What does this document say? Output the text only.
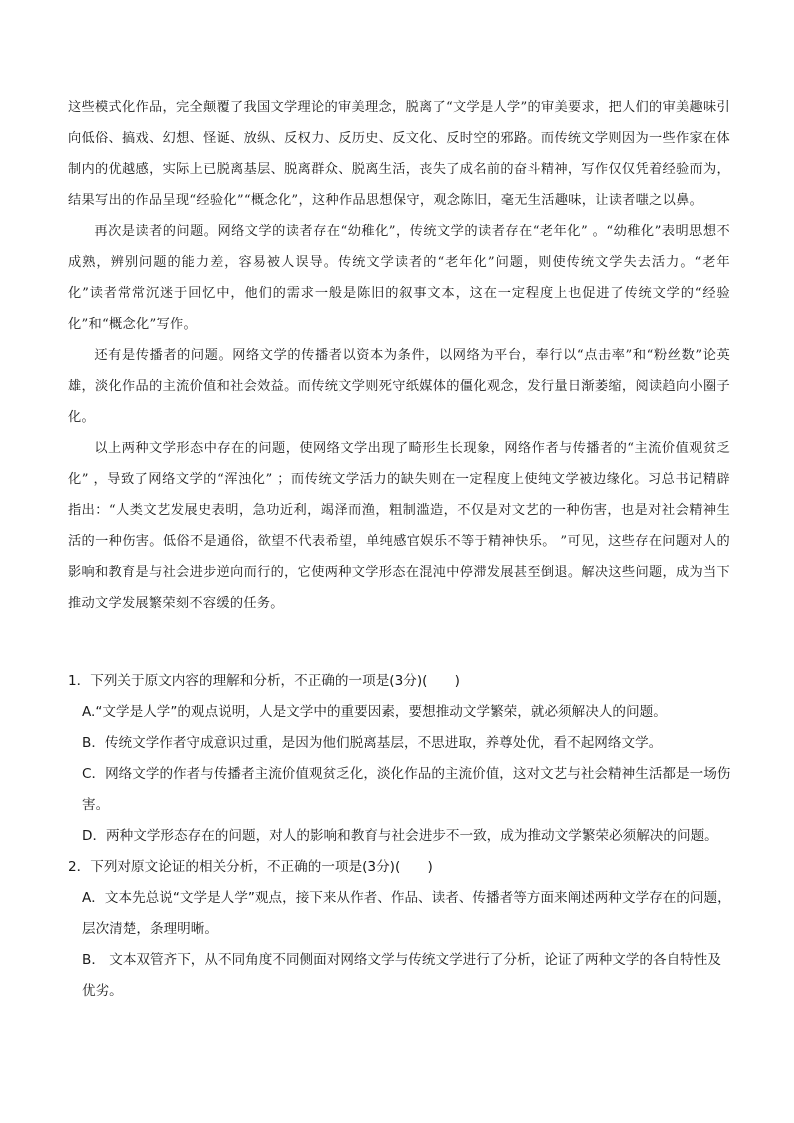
这些模式化作品，完全颠覆了我国文学理论的审美理念，脱离了“文学是人学”的审美要求，把人们的审美趣味引向低俗、搞戏、幻想、怪诞、放纵、反权力、反历史、反文化、反时空的邪路。而传统文学则因为一些作家在体制内的优越感，实际上已脱离基层、脱离群众、脱离生活，丧失了成名前的奋斗精神，写作仅仅凭着经验而为，结果写出的作品呈现“经验化”“概念化”，这种作品思想保守，观念陈旧，毫无生活趣味，让读者嗤之以鼻。

再次是读者的问题。网络文学的读者存在“幼稚化”，传统文学的读者存在“老年化” 。“幼稚化”表明思想不成熟，辨别问题的能力差，容易被人误导。传统文学读者的“老年化”问题，则使传统文学失去活力。“老年化”读者常常沉迷于回忆中，他们的需求一般是陈旧的叙事文本，这在一定程度上也促进了传统文学的“经验化”和“概念化”写作。

还有是传播者的问题。网络文学的传播者以资本为条件，以网络为平台，奉行以“点击率”和“粉丝数”论英雄，淡化作品的主流价值和社会效益。而传统文学则死守纸媒体的僵化观念，发行量日渐萎缩，阅读趋向小圈子化。

以上两种文学形态中存在的问题，使网络文学出现了畸形生长现象，网络作者与传播者的“主流价值观贫乏化” ，导致了网络文学的“浑浊化” ；而传统文学活力的缺失则在一定程度上使纯文学被边缘化。习总书记精辟指出：“人类文艺发展史表明，急功近利，竭泽而渔，粗制滥造，不仅是对文艺的一种伤害，也是对社会精神生活的一种伤害。低俗不是通俗，欲望不代表希望，单纯感官娱乐不等于精神快乐。 ”可见，这些存在问题对人的影响和教育是与社会进步逆向而行的，它使两种文学形态在混沌中停滞发展甚至倒退。解决这些问题，成为当下推动文学发展繁荣刻不容缓的任务。

1．下列关于原文内容的理解和分析，不正确的一项是(3分)(　　)

A.“文学是人学”的观点说明，人是文学中的重要因素，要想推动文学繁荣，就必须解决人的问题。

B．传统文学作者守成意识过重，是因为他们脱离基层，不思进取，养尊处优，看不起网络文学。

C．网络文学的作者与传播者主流价值观贫乏化，淡化作品的主流价值，这对文艺与社会精神生活都是一场伤害。

D．两种文学形态存在的问题，对人的影响和教育与社会进步不一致，成为推动文学繁荣必须解决的问题。

2．下列对原文论证的相关分析，不正确的一项是(3分)(　　)

A．文本先总说“文学是人学”观点，接下来从作者、作品、读者、传播者等方面来阐述两种文学存在的问题，层次清楚，条理明晰。

B． 文本双管齐下，从不同角度不同侧面对网络文学与传统文学进行了分析，论证了两种文学的各自特性及优劣。
